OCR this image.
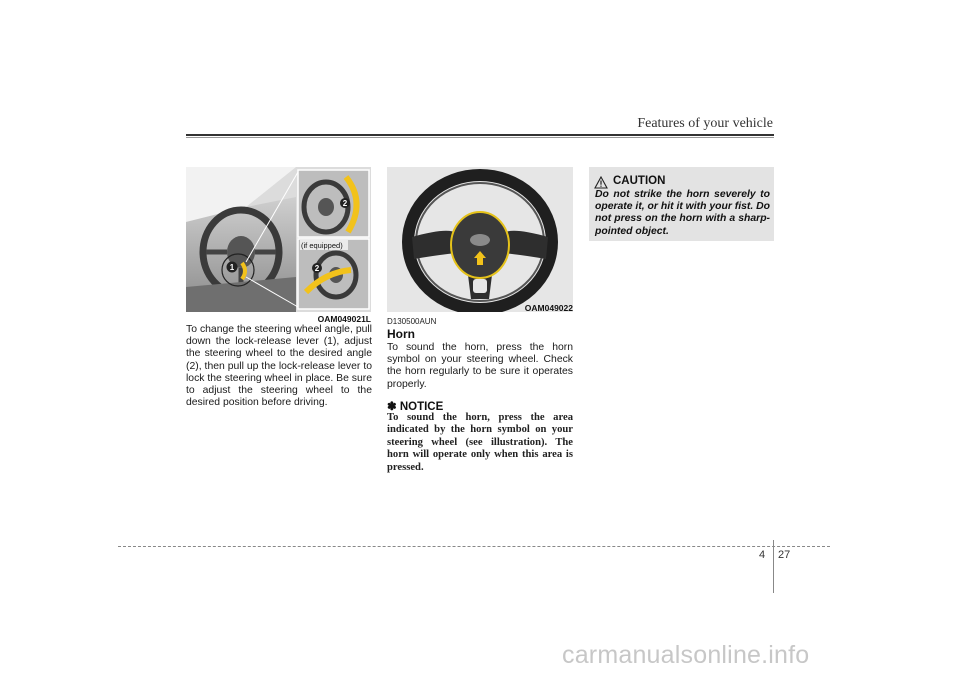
Features of your vehicle
1
2
2
(if equipped)
OAM049021L
To change the steering wheel angle, pull down the lock-release lever (1), adjust the steering wheel to the desired angle (2), then pull up the lock-release lever to lock the steering wheel in place. Be sure to adjust the steering wheel to the desired position before driving.
OAM049022
D130500AUN
Horn
To sound the horn, press the horn symbol on your steering wheel. Check the horn regularly to be sure it operates properly.
✽ NOTICE
To sound the horn, press the area indicated by the horn symbol on your steering wheel (see illustration). The horn will operate only when this area is pressed.
CAUTION
Do not strike the horn severely to operate it, or hit it with your fist. Do not press on the horn with a sharp-pointed object.
4 27
carmanualsonline.info
